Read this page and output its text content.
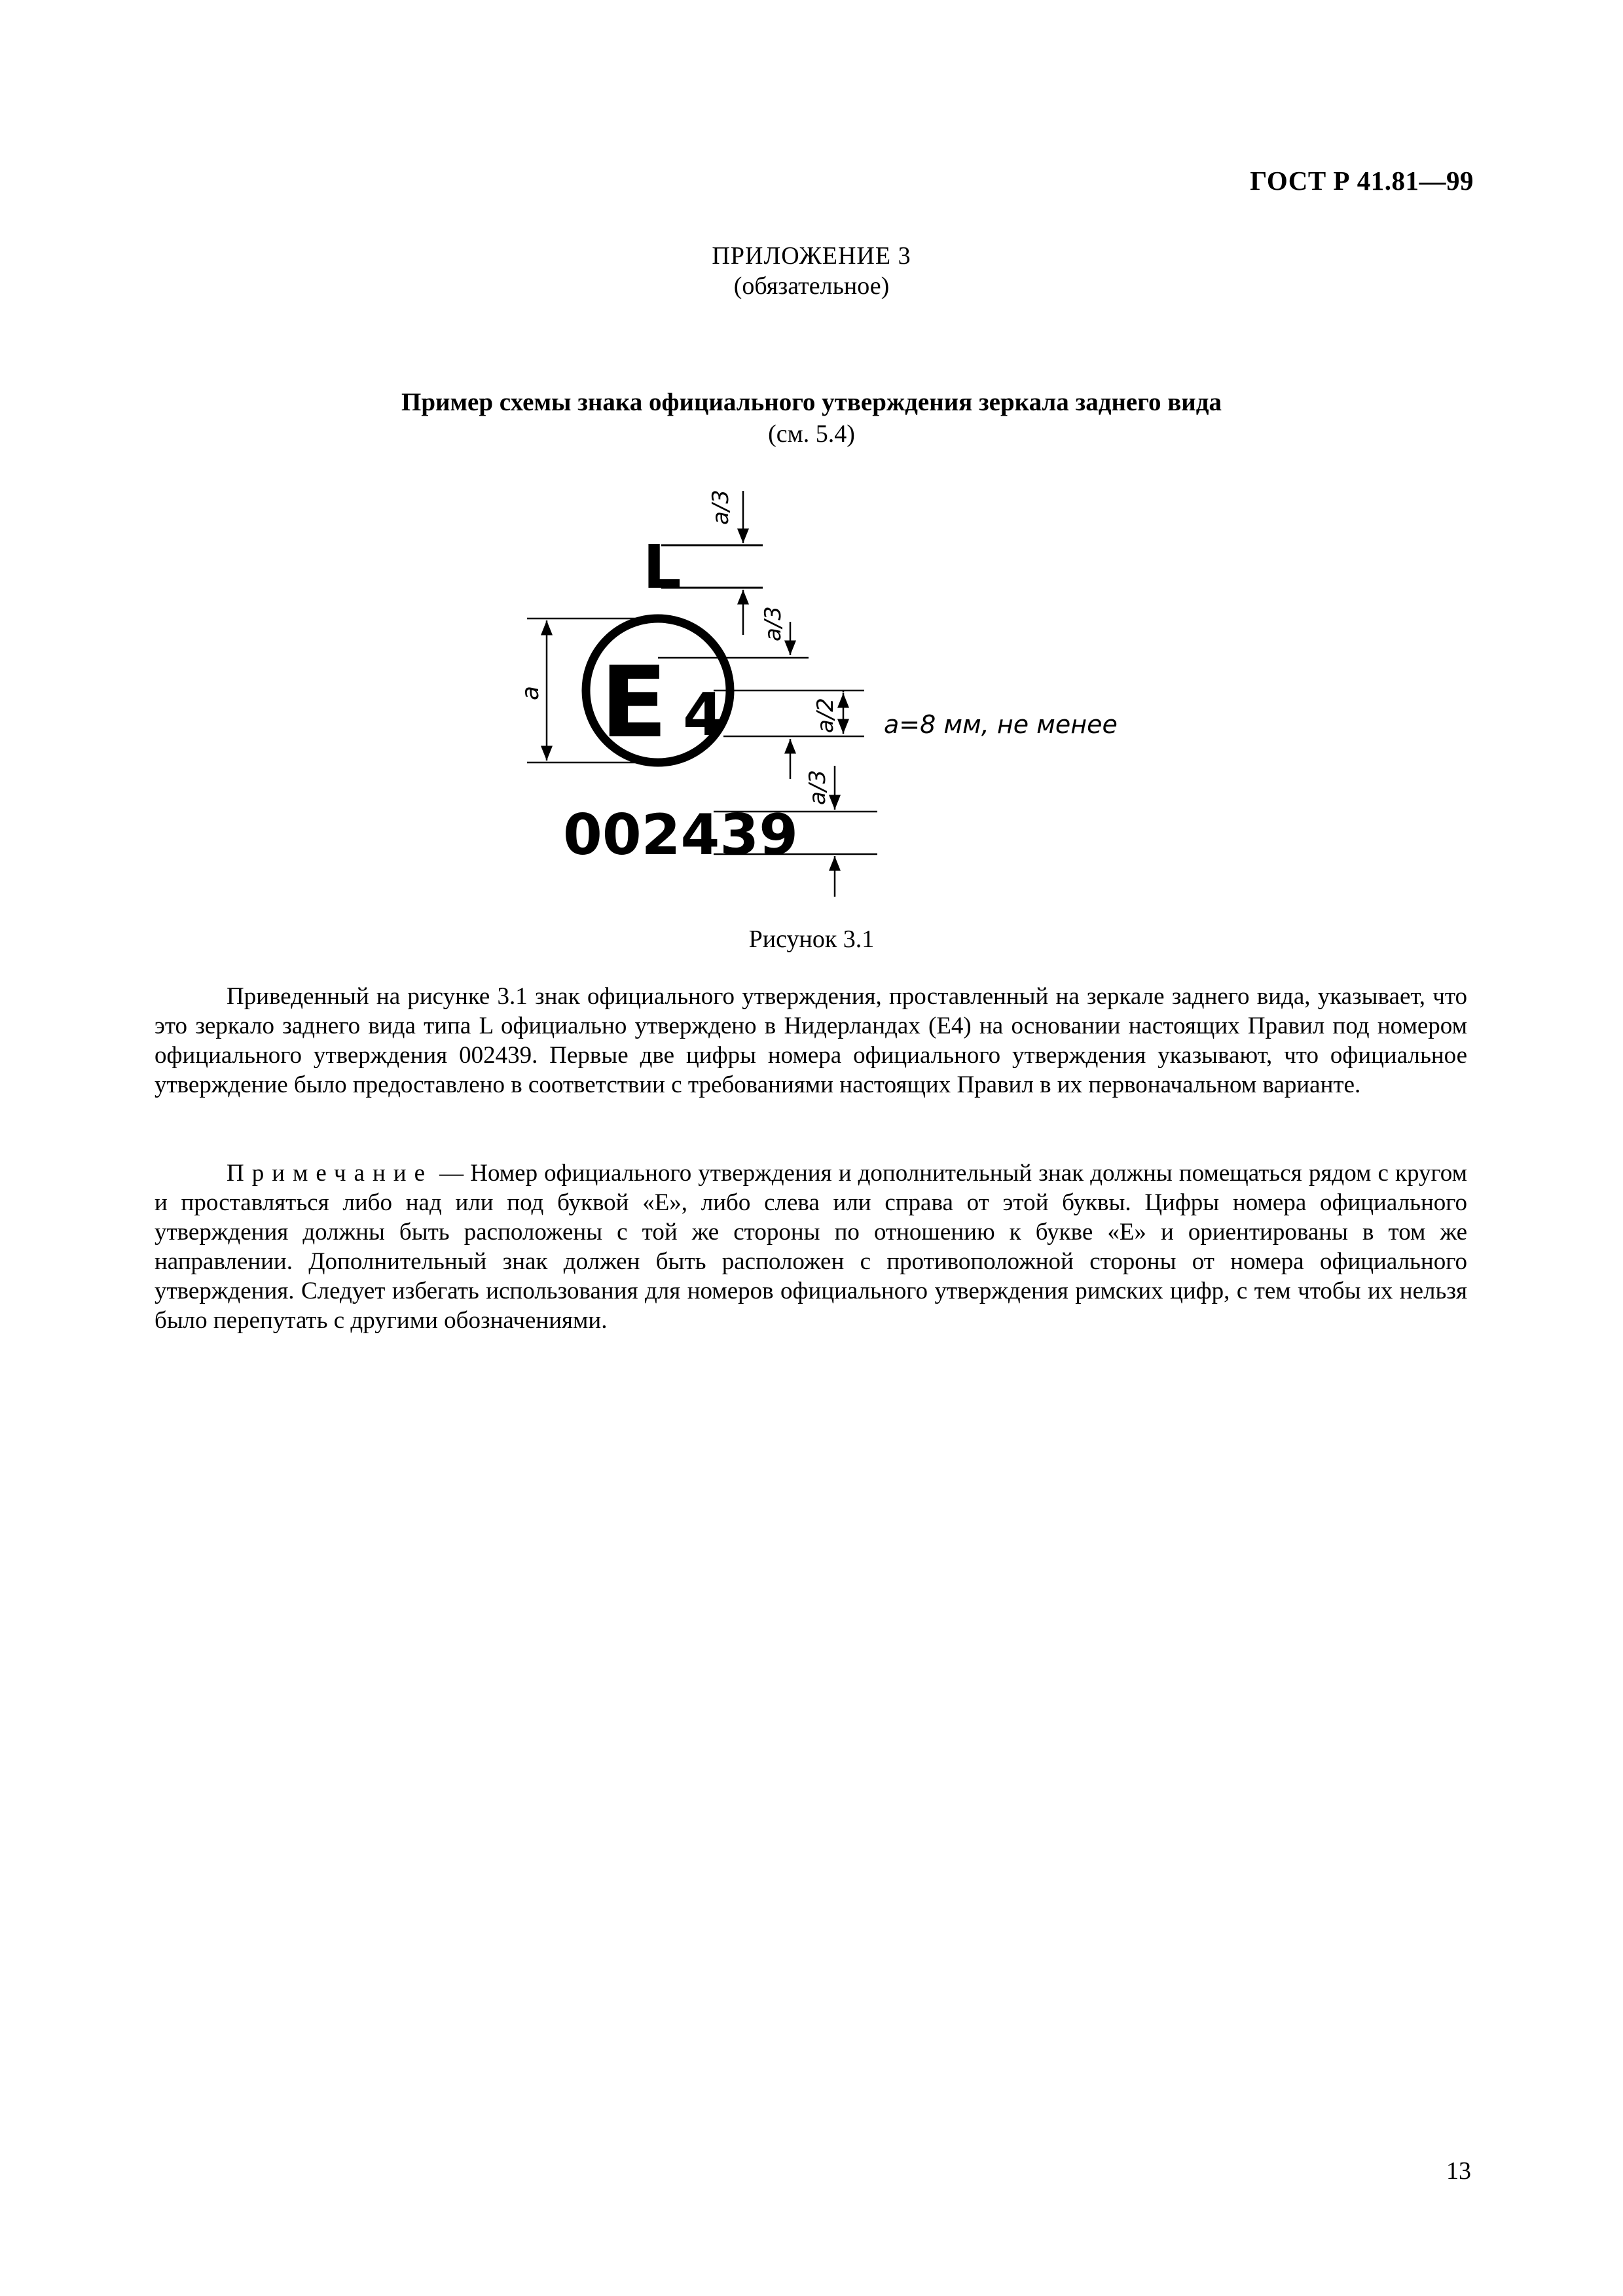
ГОСТ Р 41.81—99
ПРИЛОЖЕНИЕ 3
(обязательное)
Пример схемы знака официального утверждения зеркала заднего вида
(см. 5.4)
L
a/3
E 4
a
a/3
a/2
002439
a/3
a=8 мм, не менее
Рисунок 3.1

Приведенный на рисунке 3.1 знак официального утверждения, проставленный на зеркале заднего вида, указывает, что это зеркало заднего вида типа L официально утверждено в Нидерландах (E4) на основании настоящих Правил под номером официального утверждения 002439. Первые две цифры номера официального утверждения указывают, что официальное утверждение было предоставлено в соответствии с требованиями настоящих Правил в их первоначальном варианте.

Примечание — Номер официального утверждения и дополнительный знак должны помещаться рядом с кругом и проставляться либо над или под буквой «E», либо слева или справа от этой буквы. Цифры номера официального утверждения должны быть расположены с той же стороны по отношению к букве «E» и ориентированы в том же направлении. Дополнительный знак должен быть расположен с противоположной стороны от номера официального утверждения. Следует избегать использования для номеров официального утверждения римских цифр, с тем чтобы их нельзя было перепутать с другими обозначениями.

13
